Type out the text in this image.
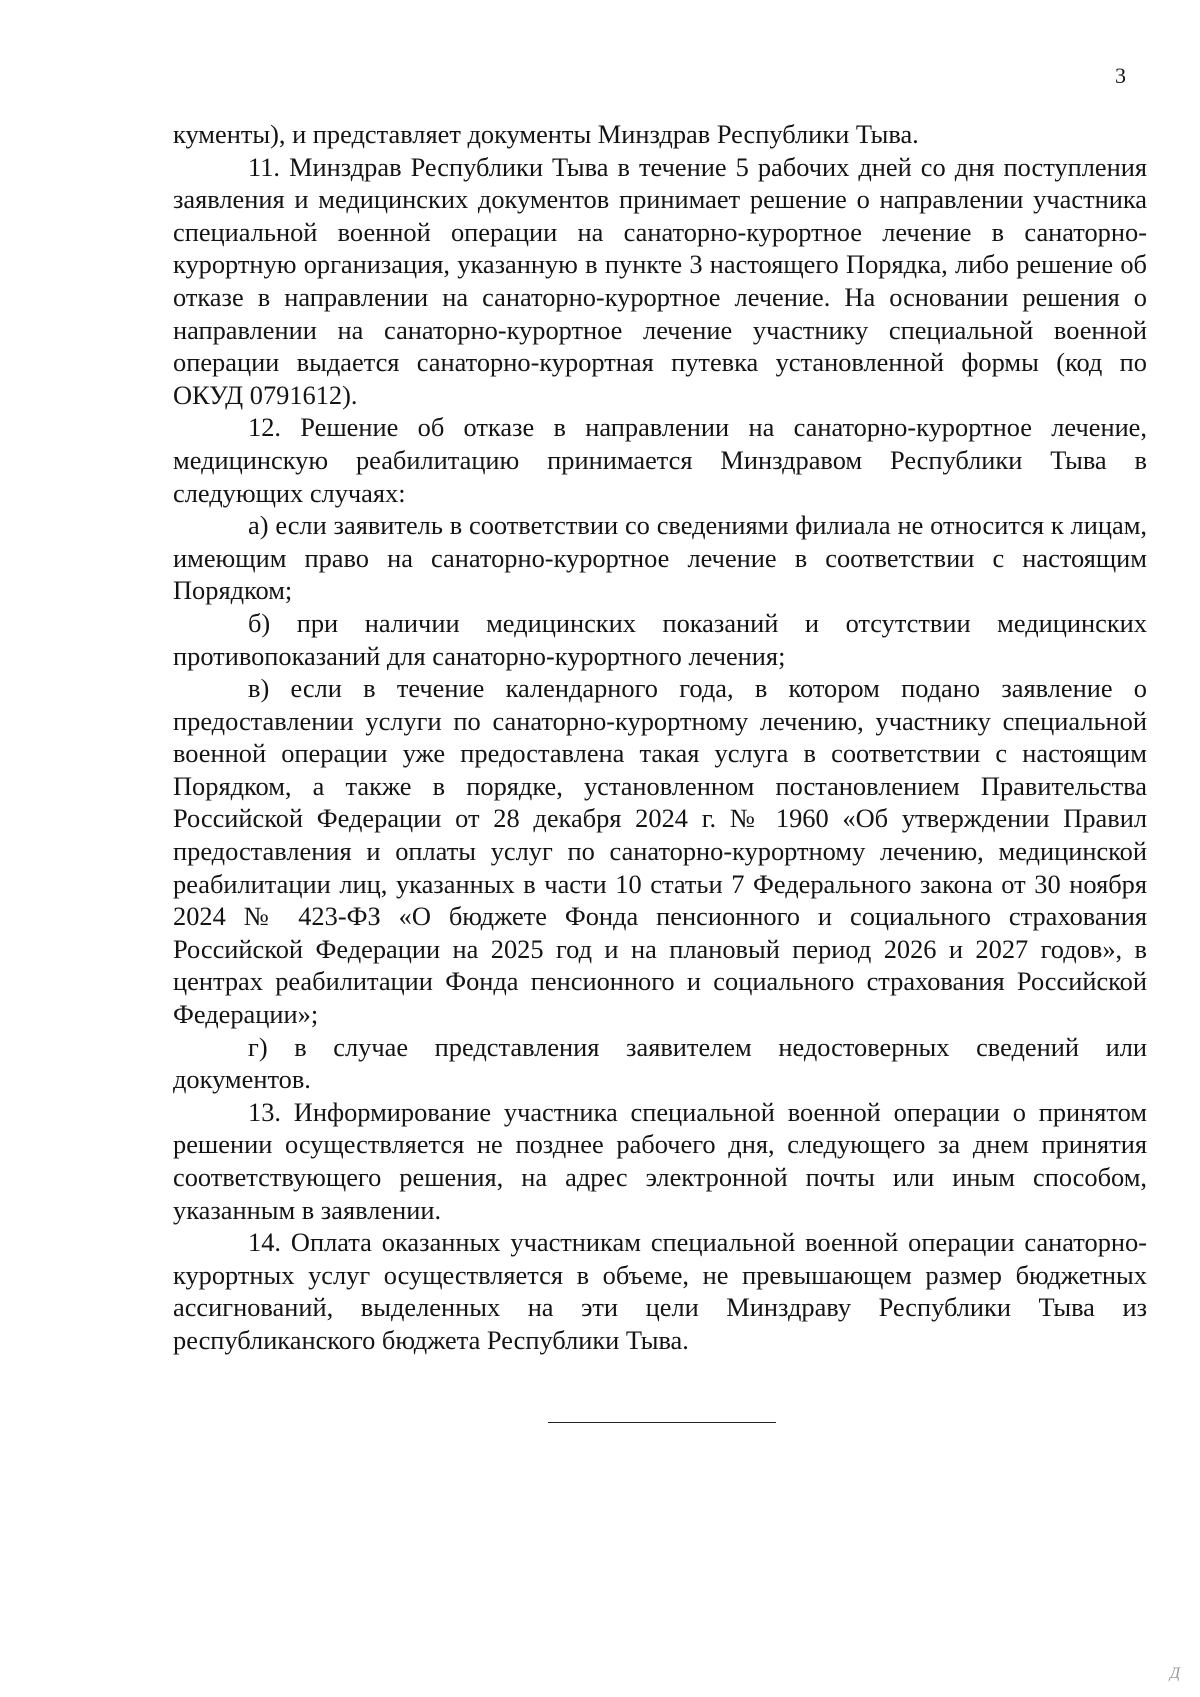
3

кументы), и представляет документы Минздрав Республики Тыва.

11. Минздрав Республики Тыва в течение 5 рабочих дней со дня поступления заявления и медицинских документов принимает решение о направлении участника специальной военной операции на санаторно-курортное лечение в санаторно-курортную организация, указанную в пункте 3 настоящего Порядка, либо решение об отказе в направлении на санаторно-курортное лечение. На основании решения о направлении на санаторно-курортное лечение участнику специальной военной операции выдается санаторно-курортная путевка установленной формы (код по ОКУД 0791612).

12. Решение об отказе в направлении на санаторно-курортное лечение, медицинскую реабилитацию принимается Минздравом Республики Тыва в следующих случаях:

а) если заявитель в соответствии со сведениями филиала не относится к лицам, имеющим право на санаторно-курортное лечение в соответствии с настоящим Порядком;

б) при наличии медицинских показаний и отсутствии медицинских противопоказаний для санаторно-курортного лечения;

в) если в течение календарного года, в котором подано заявление о предоставлении услуги по санаторно-курортному лечению, участнику специальной военной операции уже предоставлена такая услуга в соответствии с настоящим Порядком, а также в порядке, установленном постановлением Правительства Российской Федерации от 28 декабря 2024 г. № 1960 «Об утверждении Правил предоставления и оплаты услуг по санаторно-курортному лечению, медицинской реабилитации лиц, указанных в части 10 статьи 7 Федерального закона от 30 ноября 2024 № 423-ФЗ «О бюджете Фонда пенсионного и социального страхования Российской Федерации на 2025 год и на плановый период 2026 и 2027 годов», в центрах реабилитации Фонда пенсионного и социального страхования Российской Федерации»;

г) в случае представления заявителем недостоверных сведений или документов.

13. Информирование участника специальной военной операции о принятом решении осуществляется не позднее рабочего дня, следующего за днем принятия соответствующего решения, на адрес электронной почты или иным способом, указанным в заявлении.

14. Оплата оказанных участникам специальной военной операции санаторно-курортных услуг осуществляется в объеме, не превышающем размер бюджетных ассигнований, выделенных на эти цели Минздраву Республики Тыва из республиканского бюджета Республики Тыва.

Д
